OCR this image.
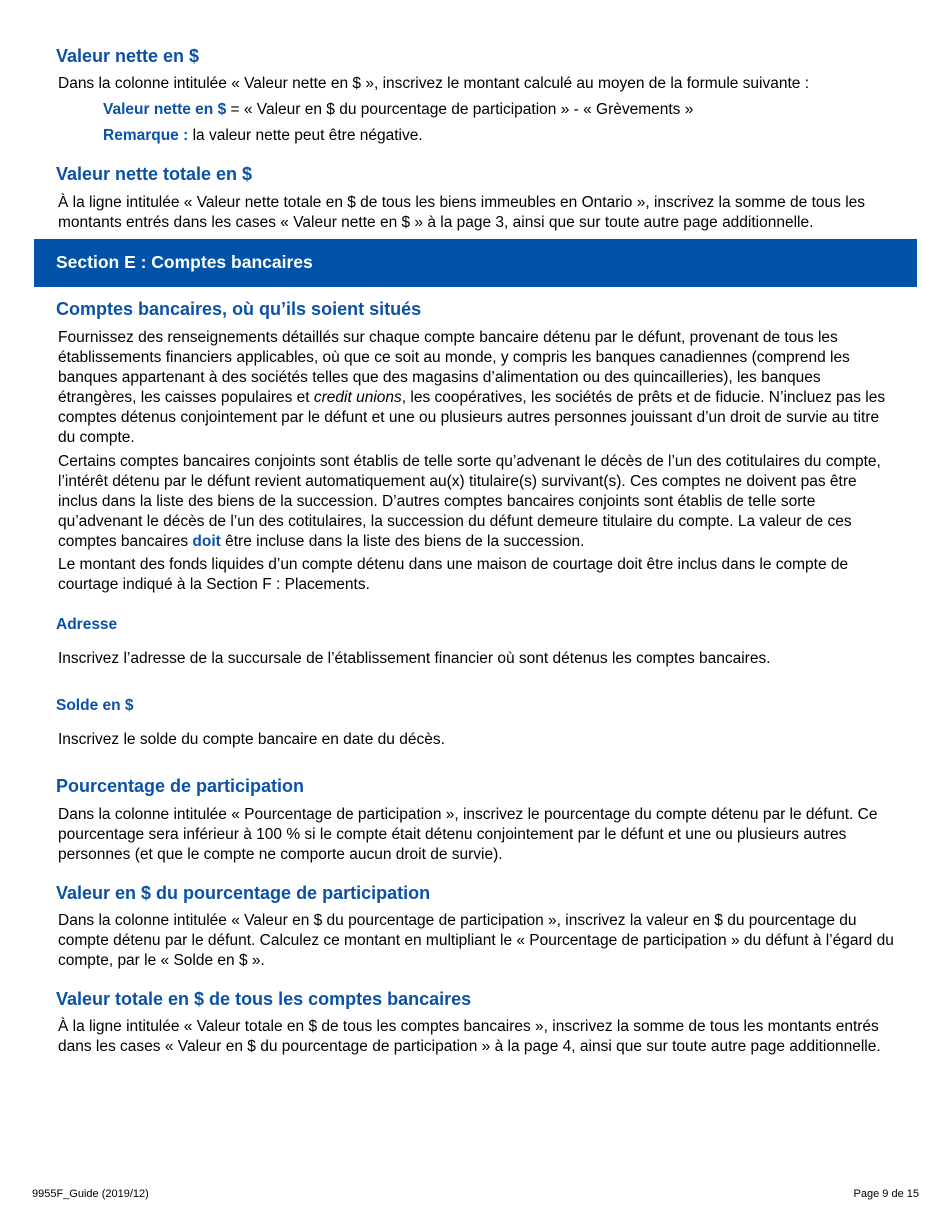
Valeur nette en $

Dans la colonne intitulée « Valeur nette en $ », inscrivez le montant calculé au moyen de la formule suivante :

Valeur nette en $ = « Valeur en $ du pourcentage de participation » - « Grèvements »

Remarque : la valeur nette peut être négative.

Valeur nette totale en $

À la ligne intitulée « Valeur nette totale en $ de tous les biens immeubles en Ontario », inscrivez la somme de tous les montants entrés dans les cases « Valeur nette en $ » à la page 3, ainsi que sur toute autre page additionnelle.

Section E : Comptes bancaires
Comptes bancaires, où qu’ils soient situés

Fournissez des renseignements détaillés sur chaque compte bancaire détenu par le défunt, provenant de tous les établissements financiers applicables, où que ce soit au monde, y compris les banques canadiennes (comprend les banques appartenant à des sociétés telles que des magasins d’alimentation ou des quincailleries), les banques étrangères, les caisses populaires et credit unions, les coopératives, les sociétés de prêts et de fiducie. N’incluez pas les comptes détenus conjointement par le défunt et une ou plusieurs autres personnes jouissant d’un droit de survie au titre du compte.

Certains comptes bancaires conjoints sont établis de telle sorte qu’advenant le décès de l’un des cotitulaires du compte, l’intérêt détenu par le défunt revient automatiquement au(x) titulaire(s) survivant(s). Ces comptes ne doivent pas être inclus dans la liste des biens de la succession. D’autres comptes bancaires conjoints sont établis de telle sorte qu’advenant le décès de l’un des cotitulaires, la succession du défunt demeure titulaire du compte. La valeur de ces comptes bancaires doit être incluse dans la liste des biens de la succession.

Le montant des fonds liquides d’un compte détenu dans une maison de courtage doit être inclus dans le compte de courtage indiqué à la Section F : Placements.

Adresse

Inscrivez l’adresse de la succursale de l’établissement financier où sont détenus les comptes bancaires.

Solde en $

Inscrivez le solde du compte bancaire en date du décès.

Pourcentage de participation

Dans la colonne intitulée « Pourcentage de participation », inscrivez le pourcentage du compte détenu par le défunt. Ce pourcentage sera inférieur à 100 % si le compte était détenu conjointement par le défunt et une ou plusieurs autres personnes (et que le compte ne comporte aucun droit de survie).

Valeur en $ du pourcentage de participation

Dans la colonne intitulée « Valeur en $ du pourcentage de participation », inscrivez la valeur en $ du pourcentage du compte détenu par le défunt. Calculez ce montant en multipliant le « Pourcentage de participation » du défunt à l’égard du compte, par le « Solde en $ ».

Valeur totale en $ de tous les comptes bancaires

À la ligne intitulée « Valeur totale en $ de tous les comptes bancaires », inscrivez la somme de tous les montants entrés dans les cases « Valeur en $ du pourcentage de participation » à la page 4, ainsi que sur toute autre page additionnelle.

9955F_Guide (2019/12)	Page 9 de 15
